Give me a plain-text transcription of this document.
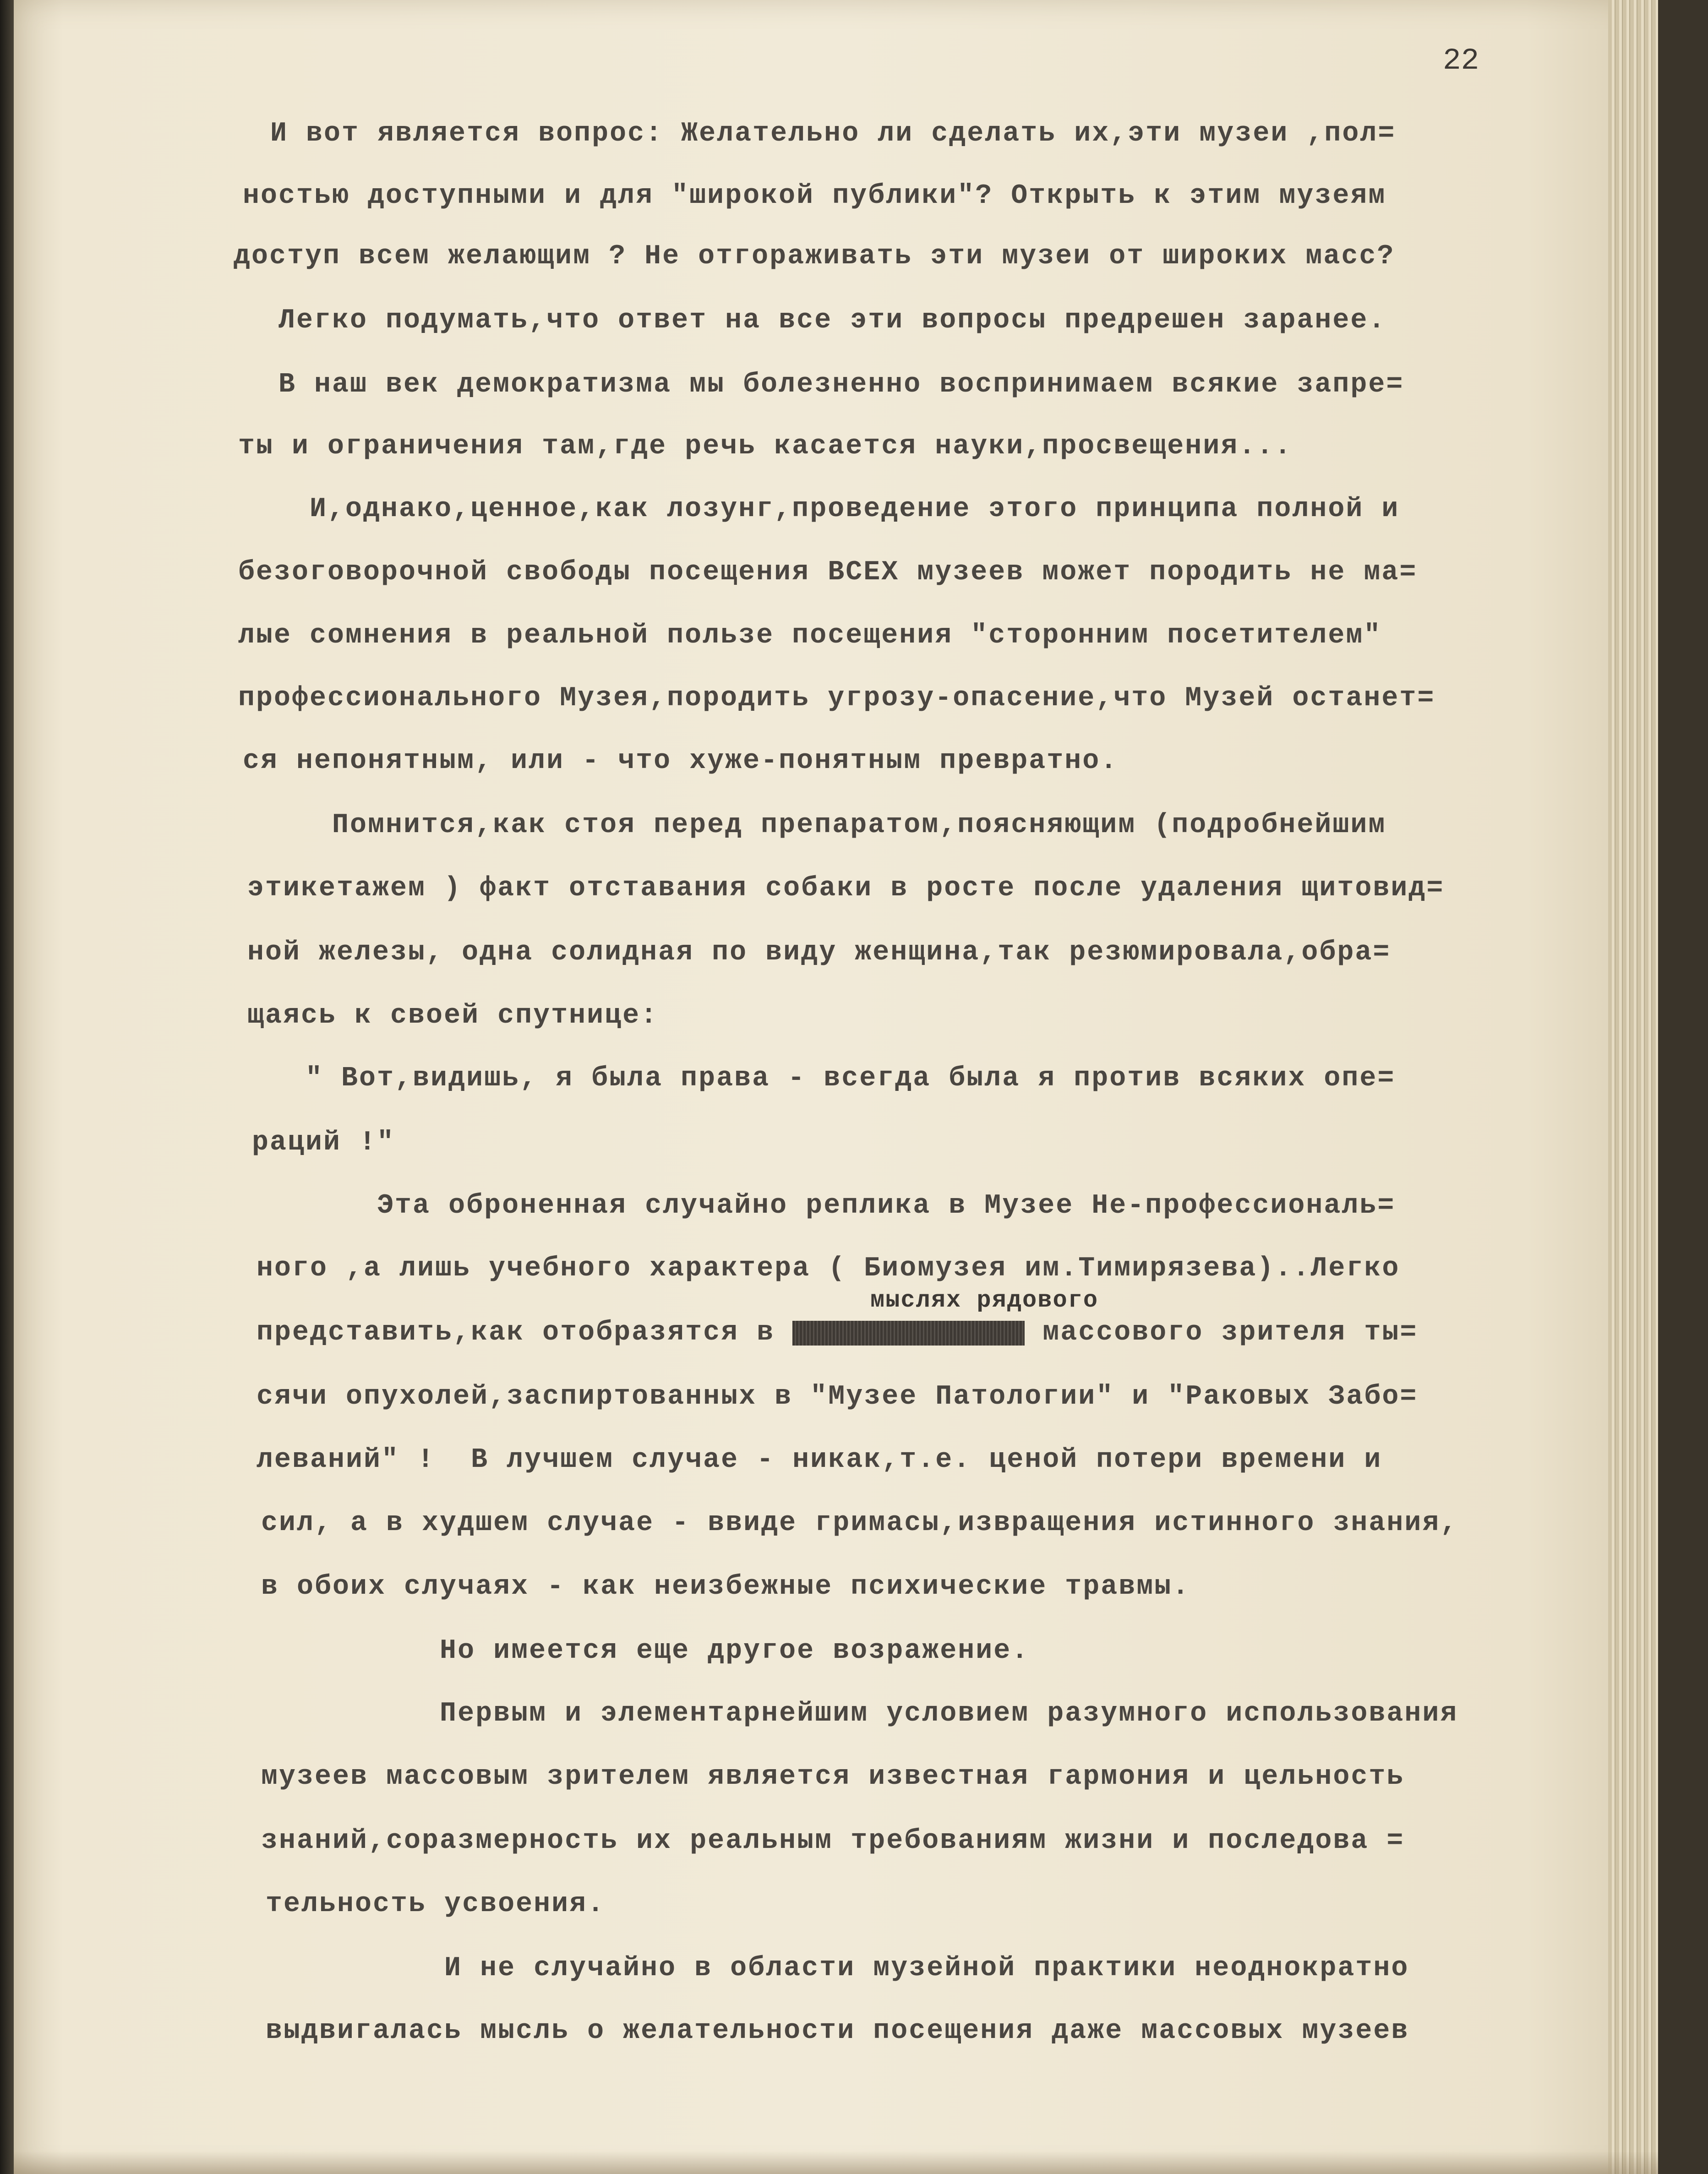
22
И вот является вопрос: Желательно ли сделать их,эти музеи ,пол=
ностью доступными и для "широкой публики"? Открыть к этим музеям
доступ всем желающим ? Не отгораживать эти музеи от широких масс?
Легко подумать,что ответ на все эти вопросы предрешен заранее.
В наш век демократизма мы болезненно воспринимаем всякие запре=
ты и ограничения там,где речь касается науки,просвещения...
И,однако,ценное,как лозунг,проведение этого принципа полной и
безоговорочной свободы посещения ВСЕХ музеев может породить не ма=
лые сомнения в реальной пользе посещения "сторонним посетителем"
профессионального Музея,породить угрозу-опасение,что Музей останет=
ся непонятным, или - что хуже-понятным превратно.
Помнится,как стоя перед препаратом,поясняющим (подробнейшим
этикетажем ) факт отставания собаки в росте после удаления щитовид=
ной железы, одна солидная по виду женщина,так резюмировала,обра=
щаясь к своей спутнице:
" Вот,видишь, я была права - всегда была я против всяких опе=
раций !"
Эта оброненная случайно реплика в Музее Не-профессиональ=
ного ,а лишь учебного характера ( Биомузея им.Тимирязева)..Легко
мыслях рядового
представить,как отобразятся в	массового зрителя ты=
сячи опухолей,заспиртованных в "Музее Патологии" и "Раковых Забо=
леваний" !  В лучшем случае - никак,т.е. ценой потери времени и
сил, а в худшем случае - ввиде гримасы,извращения истинного знания,
в обоих случаях - как неизбежные психические травмы.
Но имеется еще другое возражение.
Первым и элементарнейшим условием разумного использования
музеев массовым зрителем является известная гармония и цельность
знаний,соразмерность их реальным требованиям жизни и последова =
тельность усвоения.
И не случайно в области музейной практики неоднократно
выдвигалась мысль о желательности посещения даже массовых музеев
